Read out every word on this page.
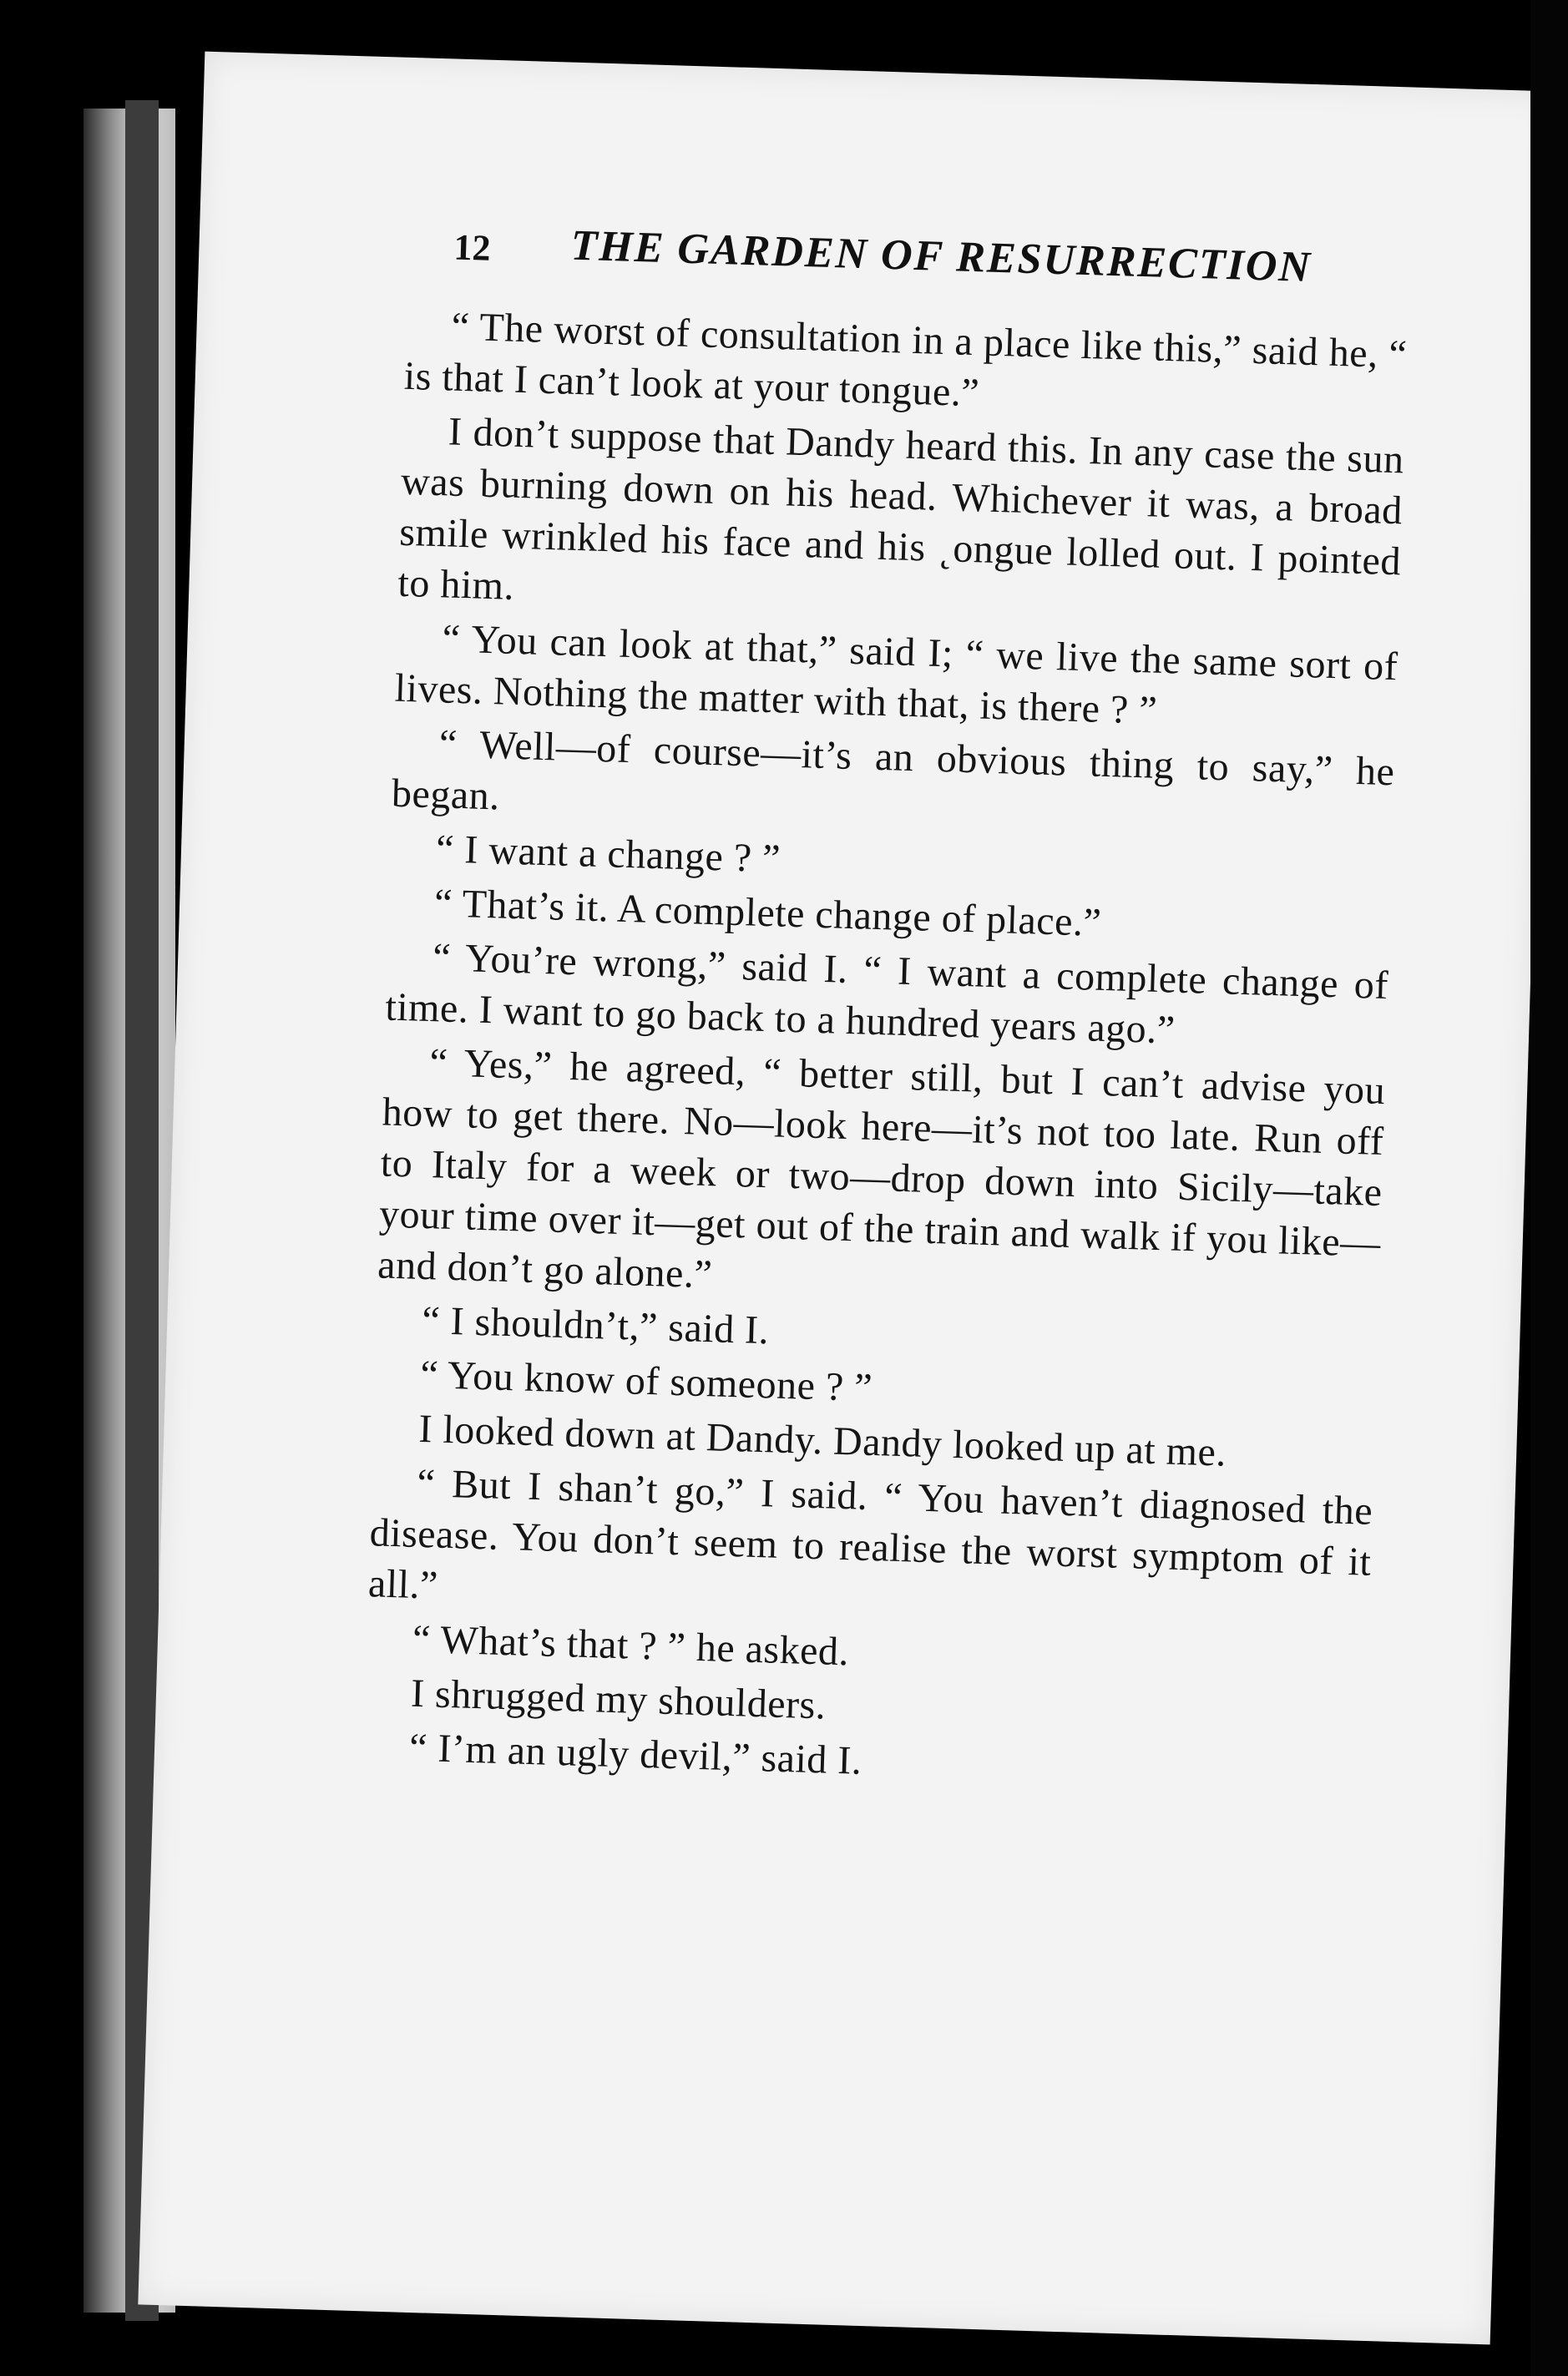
12 THE GARDEN OF RESURRECTION

“ The worst of consultation in a place like this,” said he, “ is that I can’t look at your tongue.”

I don’t suppose that Dandy heard this. In any case the sun was burning down on his head. Whichever it was, a broad smile wrinkled his face and his ˛ongue lolled out. I pointed to him.

“ You can look at that,” said I; “ we live the same sort of lives. Nothing the matter with that, is there ? ”

“ Well—of course—it’s an obvious thing to say,” he began.

“ I want a change ? ”

“ That’s it. A complete change of place.”

“ You’re wrong,” said I. “ I want a complete change of time. I want to go back to a hundred years ago.”

“ Yes,” he agreed, “ better still, but I can’t advise you how to get there. No—look here—it’s not too late. Run off to Italy for a week or two—drop down into Sicily—take your time over it—get out of the train and walk if you like—and don’t go alone.”

“ I shouldn’t,” said I.

“ You know of someone ? ”

I looked down at Dandy. Dandy looked up at me.

“ But I shan’t go,” I said. “ You haven’t diagnosed the disease. You don’t seem to realise the worst symptom of it all.”

“ What’s that ? ” he asked.

I shrugged my shoulders.

“ I’m an ugly devil,” said I.
